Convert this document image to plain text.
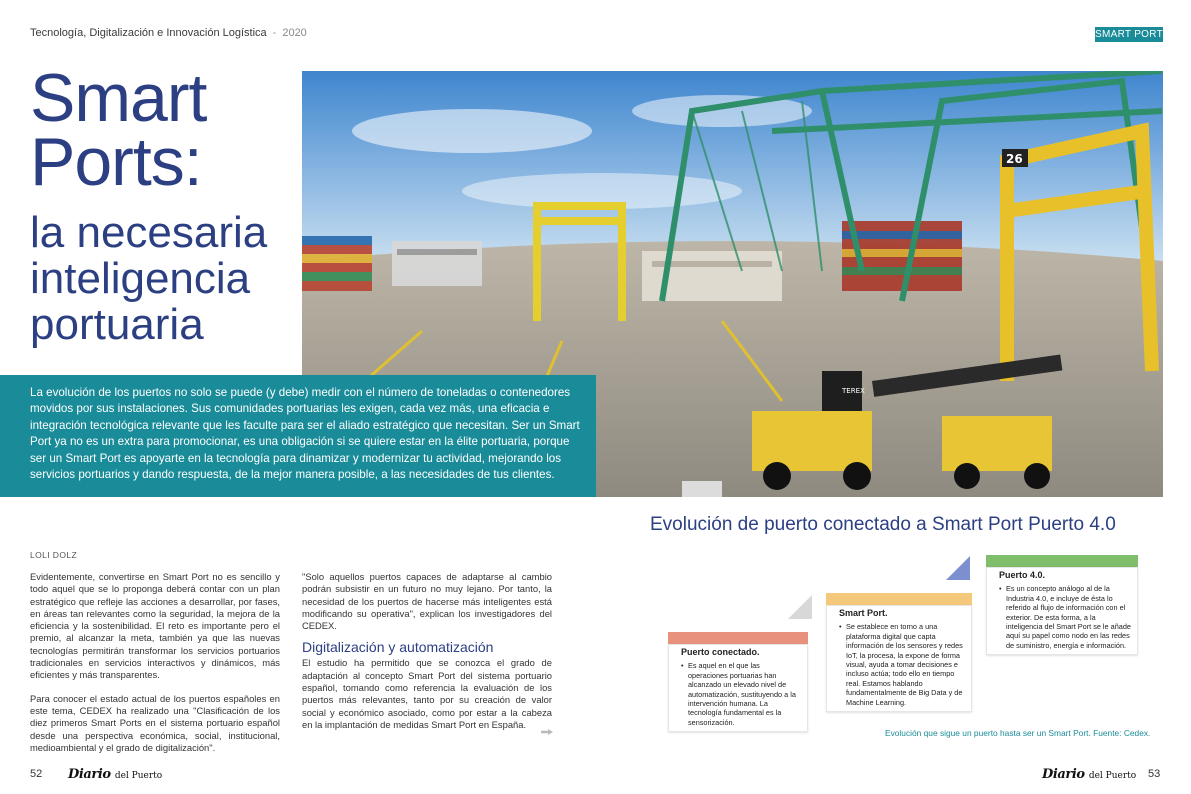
Tecnología, Digitalización e Innovación Logística - 2020	SMART PORT
Smart
Ports:
la necesaria
inteligencia
portuaria
26
TEREX
La evolución de los puertos no solo se puede (y debe) medir con el número de toneladas o contenedores movidos por sus instalaciones. Sus comunidades portuarias les exigen, cada vez más, una eficacia e integración tecnológica relevante que les faculte para ser el aliado estratégico que necesitan. Ser un Smart Port ya no es un extra para promocionar, es una obligación si se quiere estar en la élite portuaria, porque ser un Smart Port es apoyarte en la tecnología para dinamizar y modernizar tu actividad, mejorando los servicios portuarios y dando respuesta, de la mejor manera posible, a las necesidades de tus clientes.
LOLI DOLZ

Evidentemente, convertirse en Smart Port no es sencillo y todo aquel que se lo proponga deberá contar con un plan estratégico que refleje las acciones a desarrollar, por fases, en áreas tan relevantes como la seguridad, la mejora de la eficiencia y la sostenibilidad. El reto es importante pero el premio, al alcanzar la meta, también ya que las nuevas tecnologías permitirán transformar los servicios portuarios tradicionales en servicios interactivos y dinámicos, más eficientes y más transparentes.

Para conocer el estado actual de los puertos españoles en este tema, CEDEX ha realizado una "Clasificación de los diez primeros Smart Ports en el sistema portuario español desde una perspectiva económica, social, institucional, medioambiental y el grado de digitalización".

"Solo aquellos puertos capaces de adaptarse al cambio podrán subsistir en un futuro no muy lejano. Por tanto, la necesidad de los puertos de hacerse más inteligentes está modificando su operativa", explican los investigadores del CEDEX.

Digitalización y automatización

El estudio ha permitido que se conozca el grado de adaptación al concepto Smart Port del sistema portuario español, tomando como referencia la evaluación de los puertos más relevantes, tanto por su creación de valor social y económico asociado, como por estar a la cabeza en la implantación de medidas Smart Port en España.

Evolución de puerto conectado a Smart Port Puerto 4.0
Puerto conectado.
• Es aquel en el que las operaciones portuarias han alcanzado un elevado nivel de automatización, sustituyendo a la intervención humana. La tecnología fundamental es la sensorización.
Smart Port.
• Se establece en torno a una plataforma digital que capta información de los sensores y redes IoT, la procesa, la expone de forma visual, ayuda a tomar decisiones e incluso actúa; todo ello en tiempo real. Estamos hablando fundamentalmente de Big Data y de Machine Learning.
Puerto 4.0.
• Es un concepto análogo al de la Industria 4.0, e incluye de ésta lo referido al flujo de información con el exterior. De esta forma, a la inteligencia del Smart Port se le añade aquí su papel como nodo en las redes de suministro, energía e información.
Evolución que sigue un puerto hasta ser un Smart Port. Fuente: Cedex.
52 Diario del Puerto	Diario del Puerto 53
